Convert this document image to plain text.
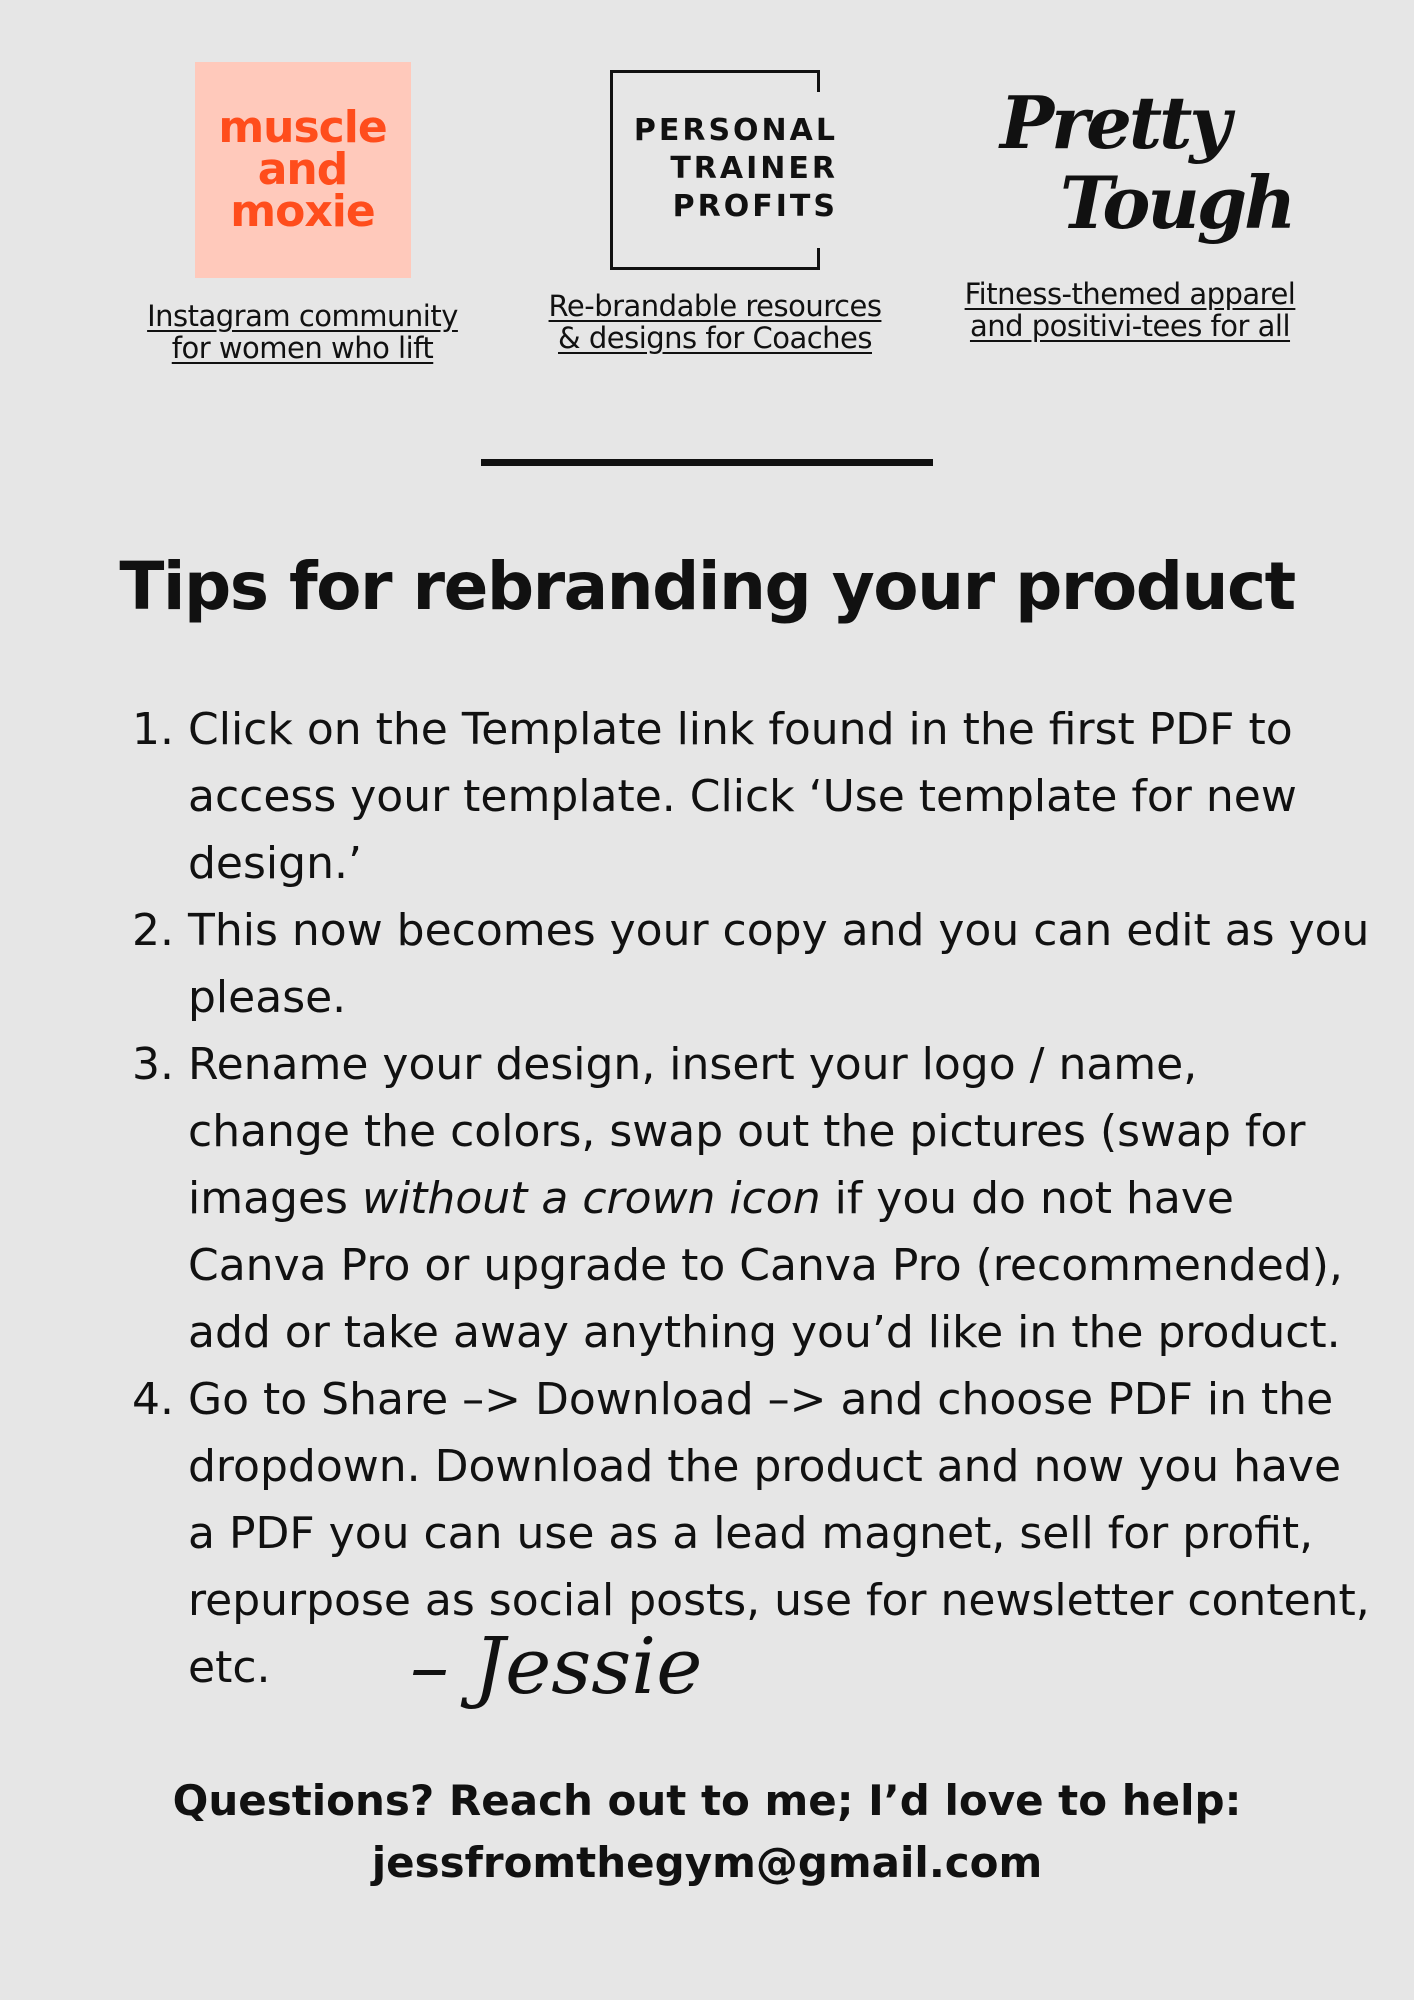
muscle
and
moxie
Instagram community
for women who lift
PERSONAL
TRAINER
PROFITS
Re-brandable resources
& designs for Coaches
Pretty
Tough
Fitness-themed apparel
and positivi-tees for all
Tips for rebranding your product
1. Click on the Template link found in the first PDF to access your template. Click ‘Use template for new design.’
2. This now becomes your copy and you can edit as you please.
3. Rename your design, insert your logo / name, change the colors, swap out the pictures (swap for images without a crown icon if you do not have Canva Pro or upgrade to Canva Pro (recommended), add or take away anything you’d like in the product.
4. Go to Share –> Download –> and choose PDF in the dropdown. Download the product and now you have a PDF you can use as a lead magnet, sell for profit, repurpose as social posts, use for newsletter content, etc.	– Jessie
Questions? Reach out to me; I’d love to help:
jessfromthegym@gmail.com
